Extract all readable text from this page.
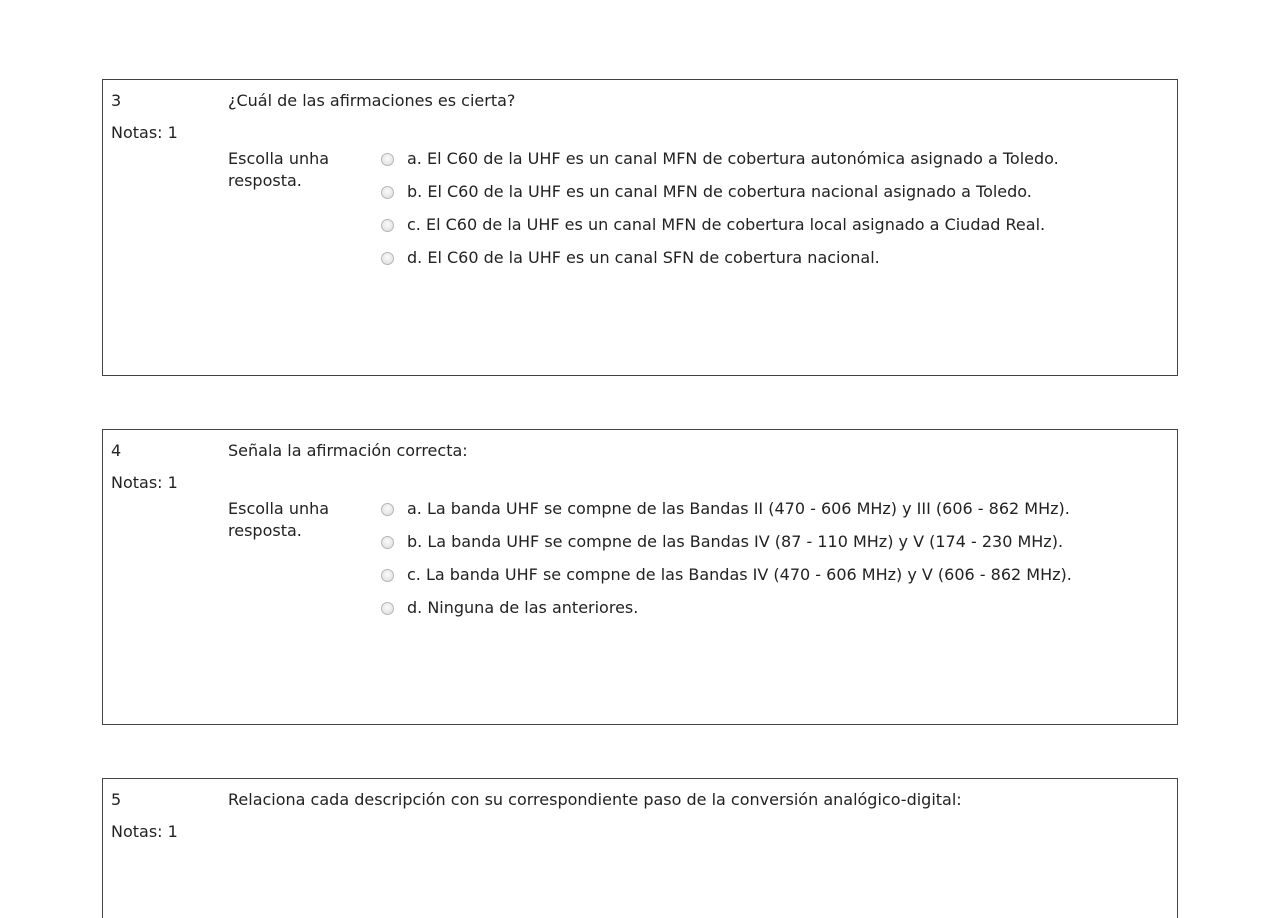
3
Notas: 1
¿Cuál de las afirmaciones es cierta?
Escolla unha resposta.
a. El C60 de la UHF es un canal MFN de cobertura autonómica asignado a Toledo.
b. El C60 de la UHF es un canal MFN de cobertura nacional asignado a Toledo.
c. El C60 de la UHF es un canal MFN de cobertura local asignado a Ciudad Real.
d. El C60 de la UHF es un canal SFN de cobertura nacional.
4
Notas: 1
Señala la afirmación correcta:
Escolla unha resposta.
a. La banda UHF se compne de las Bandas II (470 - 606 MHz) y III (606 - 862 MHz).
b. La banda UHF se compne de las Bandas IV (87 - 110 MHz) y V (174 - 230 MHz).
c. La banda UHF se compne de las Bandas IV (470 - 606 MHz) y V (606 - 862 MHz).
d. Ninguna de las anteriores.
5
Notas: 1
Relaciona cada descripción con su correspondiente paso de la conversión analógico-digital:
